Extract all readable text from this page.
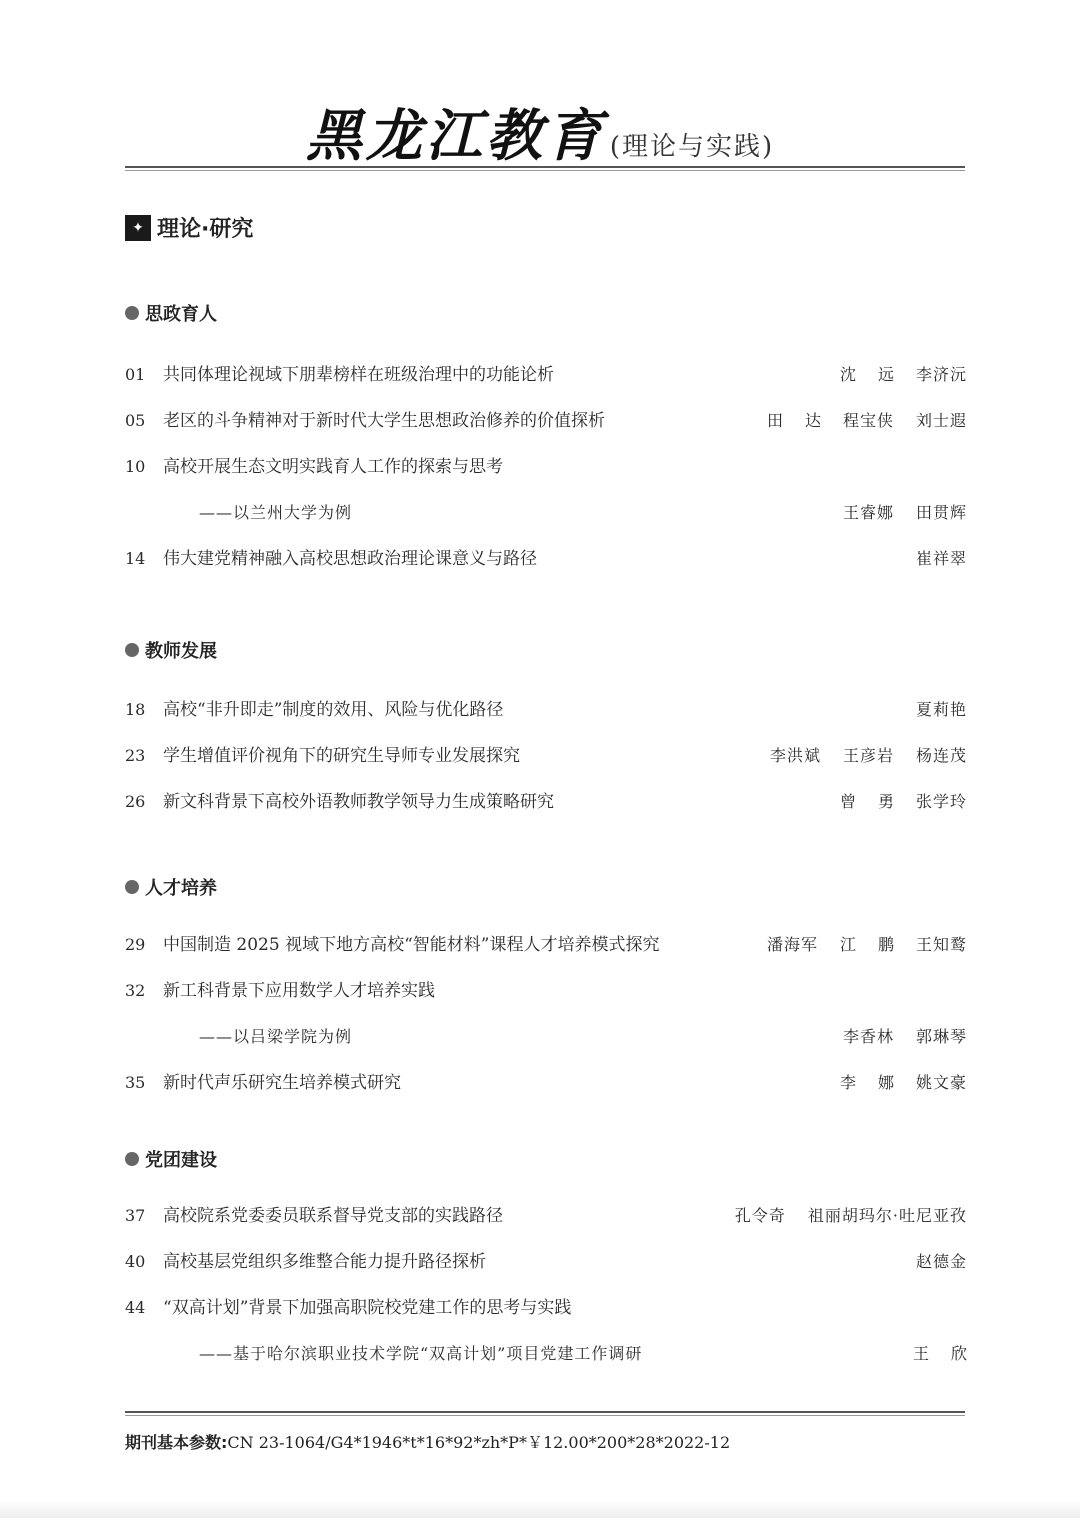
黑龙江教育 (理论与实践)
✦ 理论·研究
思政育人
01	共同体理论视域下朋辈榜样在班级治理中的功能论析	沈远 李济沅
05	老区的斗争精神对于新时代大学生思想政治修养的价值探析	田达 程宝侠 刘士遐
10	高校开展生态文明实践育人工作的探索与思考
——以兰州大学为例	王睿娜 田贯辉
14	伟大建党精神融入高校思想政治理论课意义与路径	崔祥翠
教师发展
18	高校“非升即走”制度的效用、风险与优化路径	夏莉艳
23	学生增值评价视角下的研究生导师专业发展探究	李洪斌 王彦岩 杨连茂
26	新文科背景下高校外语教师教学领导力生成策略研究	曾勇 张学玲
人才培养
29	中国制造 2025 视域下地方高校“智能材料”课程人才培养模式探究	潘海军 江鹏 王知鹜
32	新工科背景下应用数学人才培养实践
——以吕梁学院为例	李香林 郭琳琴
35	新时代声乐研究生培养模式研究	李娜 姚文豪
党团建设
37	高校院系党委委员联系督导党支部的实践路径	孔令奇 祖丽胡玛尔·吐尼亚孜
40	高校基层党组织多维整合能力提升路径探析	赵德金
44	“双高计划”背景下加强高职院校党建工作的思考与实践
——基于哈尔滨职业技术学院“双高计划”项目党建工作调研	王欣
期刊基本参数:CN 23-1064/G4*1946*t*16*92*zh*P*￥12.00*200*28*2022-12
